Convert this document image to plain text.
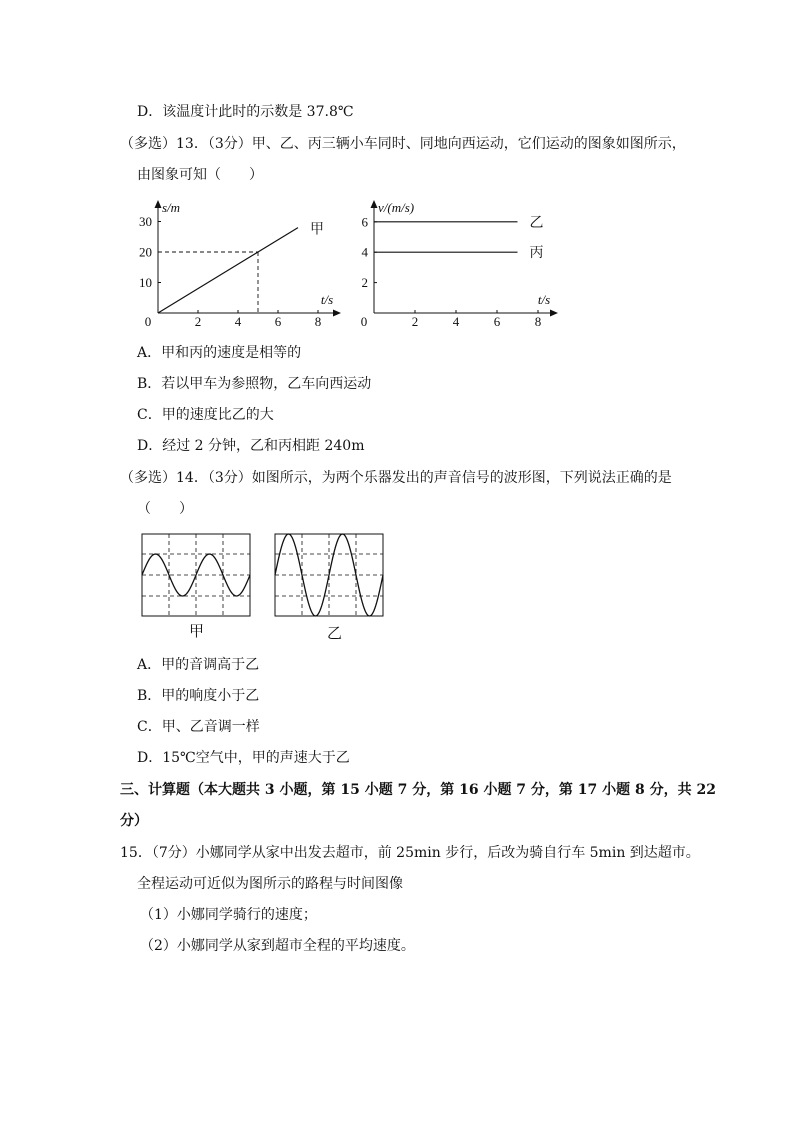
D．该温度计此时的示数是 37.8℃
（多选）13．（3分）甲、乙、丙三辆小车同时、同地向西运动，它们运动的图象如图所示，
由图象可知（　　）
0	2	4	6	8
10
20
30
t/s
s/m
甲
0	2	4	6	8
2
4
6
t/s
v/(m/s)
乙
丙
A．甲和丙的速度是相等的
B．若以甲车为参照物，乙车向西运动
C．甲的速度比乙的大
D．经过 2 分钟，乙和丙相距 240m
（多选）14．（3分）如图所示，为两个乐器发出的声音信号的波形图，下列说法正确的是
（　　）
甲	乙
A．甲的音调高于乙
B．甲的响度小于乙
C．甲、乙音调一样
D．15℃空气中，甲的声速大于乙
三、计算题（本大题共 3 小题，第 15 小题 7 分，第 16 小题 7 分，第 17 小题 8 分，共 22
分）
15．（7分）小娜同学从家中出发去超市，前 25min 步行，后改为骑自行车 5min 到达超市。
全程运动可近似为图所示的路程与时间图像
（1）小娜同学骑行的速度；
（2）小娜同学从家到超市全程的平均速度。
